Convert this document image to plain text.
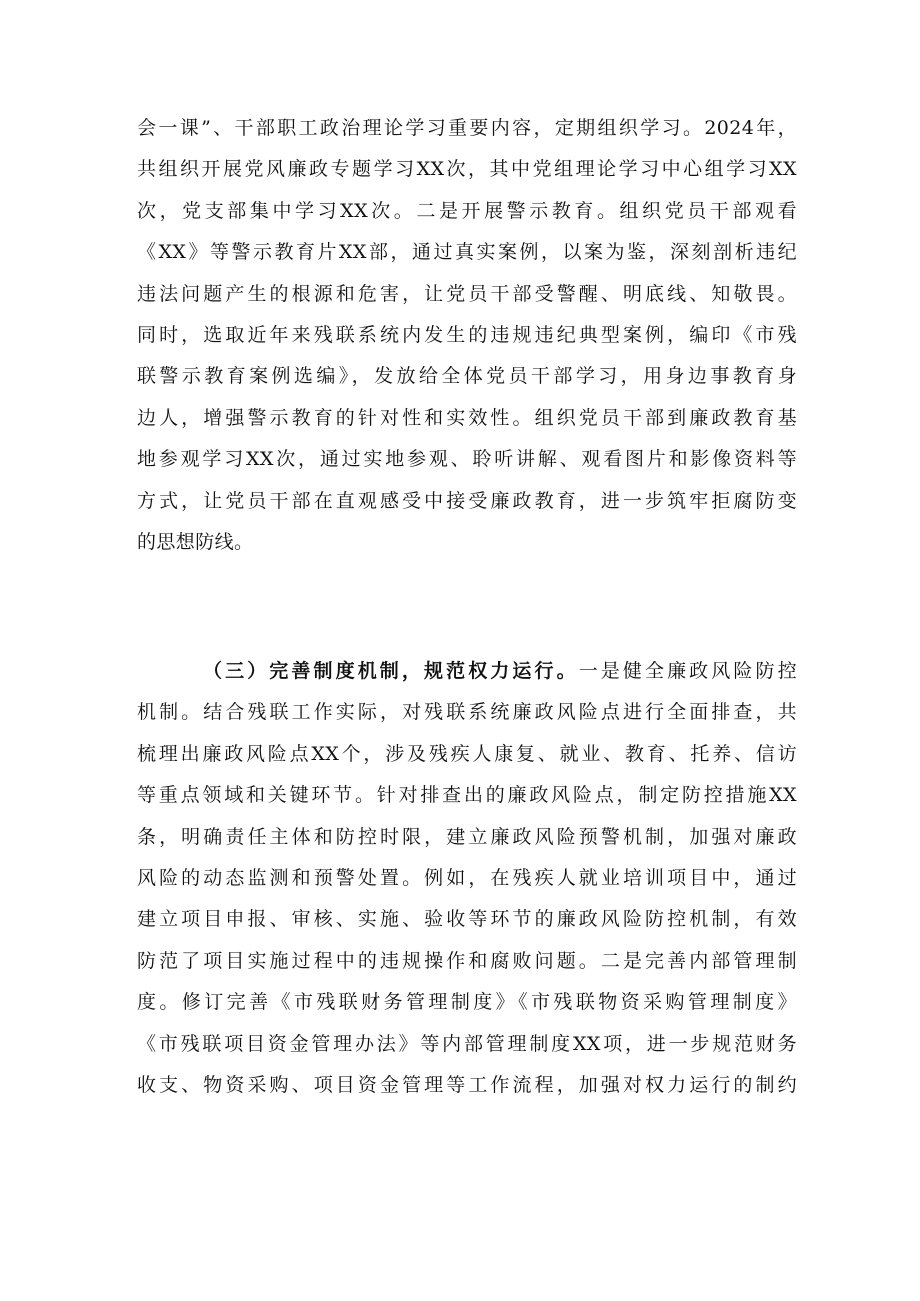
会一课”、干部职工政治理论学习重要内容，定期组织学习。2024年，
共组织开展党风廉政专题学习XX次，其中党组理论学习中心组学习XX
次，党支部集中学习XX次。二是开展警示教育。组织党员干部观看
《XX》等警示教育片XX部，通过真实案例，以案为鉴，深刻剖析违纪
违法问题产生的根源和危害，让党员干部受警醒、明底线、知敬畏。
同时，选取近年来残联系统内发生的违规违纪典型案例，编印《市残
联警示教育案例选编》，发放给全体党员干部学习，用身边事教育身
边人，增强警示教育的针对性和实效性。组织党员干部到廉政教育基
地参观学习XX次，通过实地参观、聆听讲解、观看图片和影像资料等
方式，让党员干部在直观感受中接受廉政教育，进一步筑牢拒腐防变
的思想防线。
（三）完善制度机制，规范权力运行。一是健全廉政风险防控
机制。结合残联工作实际，对残联系统廉政风险点进行全面排查，共
梳理出廉政风险点XX个，涉及残疾人康复、就业、教育、托养、信访
等重点领域和关键环节。针对排查出的廉政风险点，制定防控措施XX
条，明确责任主体和防控时限，建立廉政风险预警机制，加强对廉政
风险的动态监测和预警处置。例如，在残疾人就业培训项目中，通过
建立项目申报、审核、实施、验收等环节的廉政风险防控机制，有效
防范了项目实施过程中的违规操作和腐败问题。二是完善内部管理制
度。修订完善《市残联财务管理制度》《市残联物资采购管理制度》
《市残联项目资金管理办法》等内部管理制度XX项，进一步规范财务
收支、物资采购、项目资金管理等工作流程，加强对权力运行的制约
